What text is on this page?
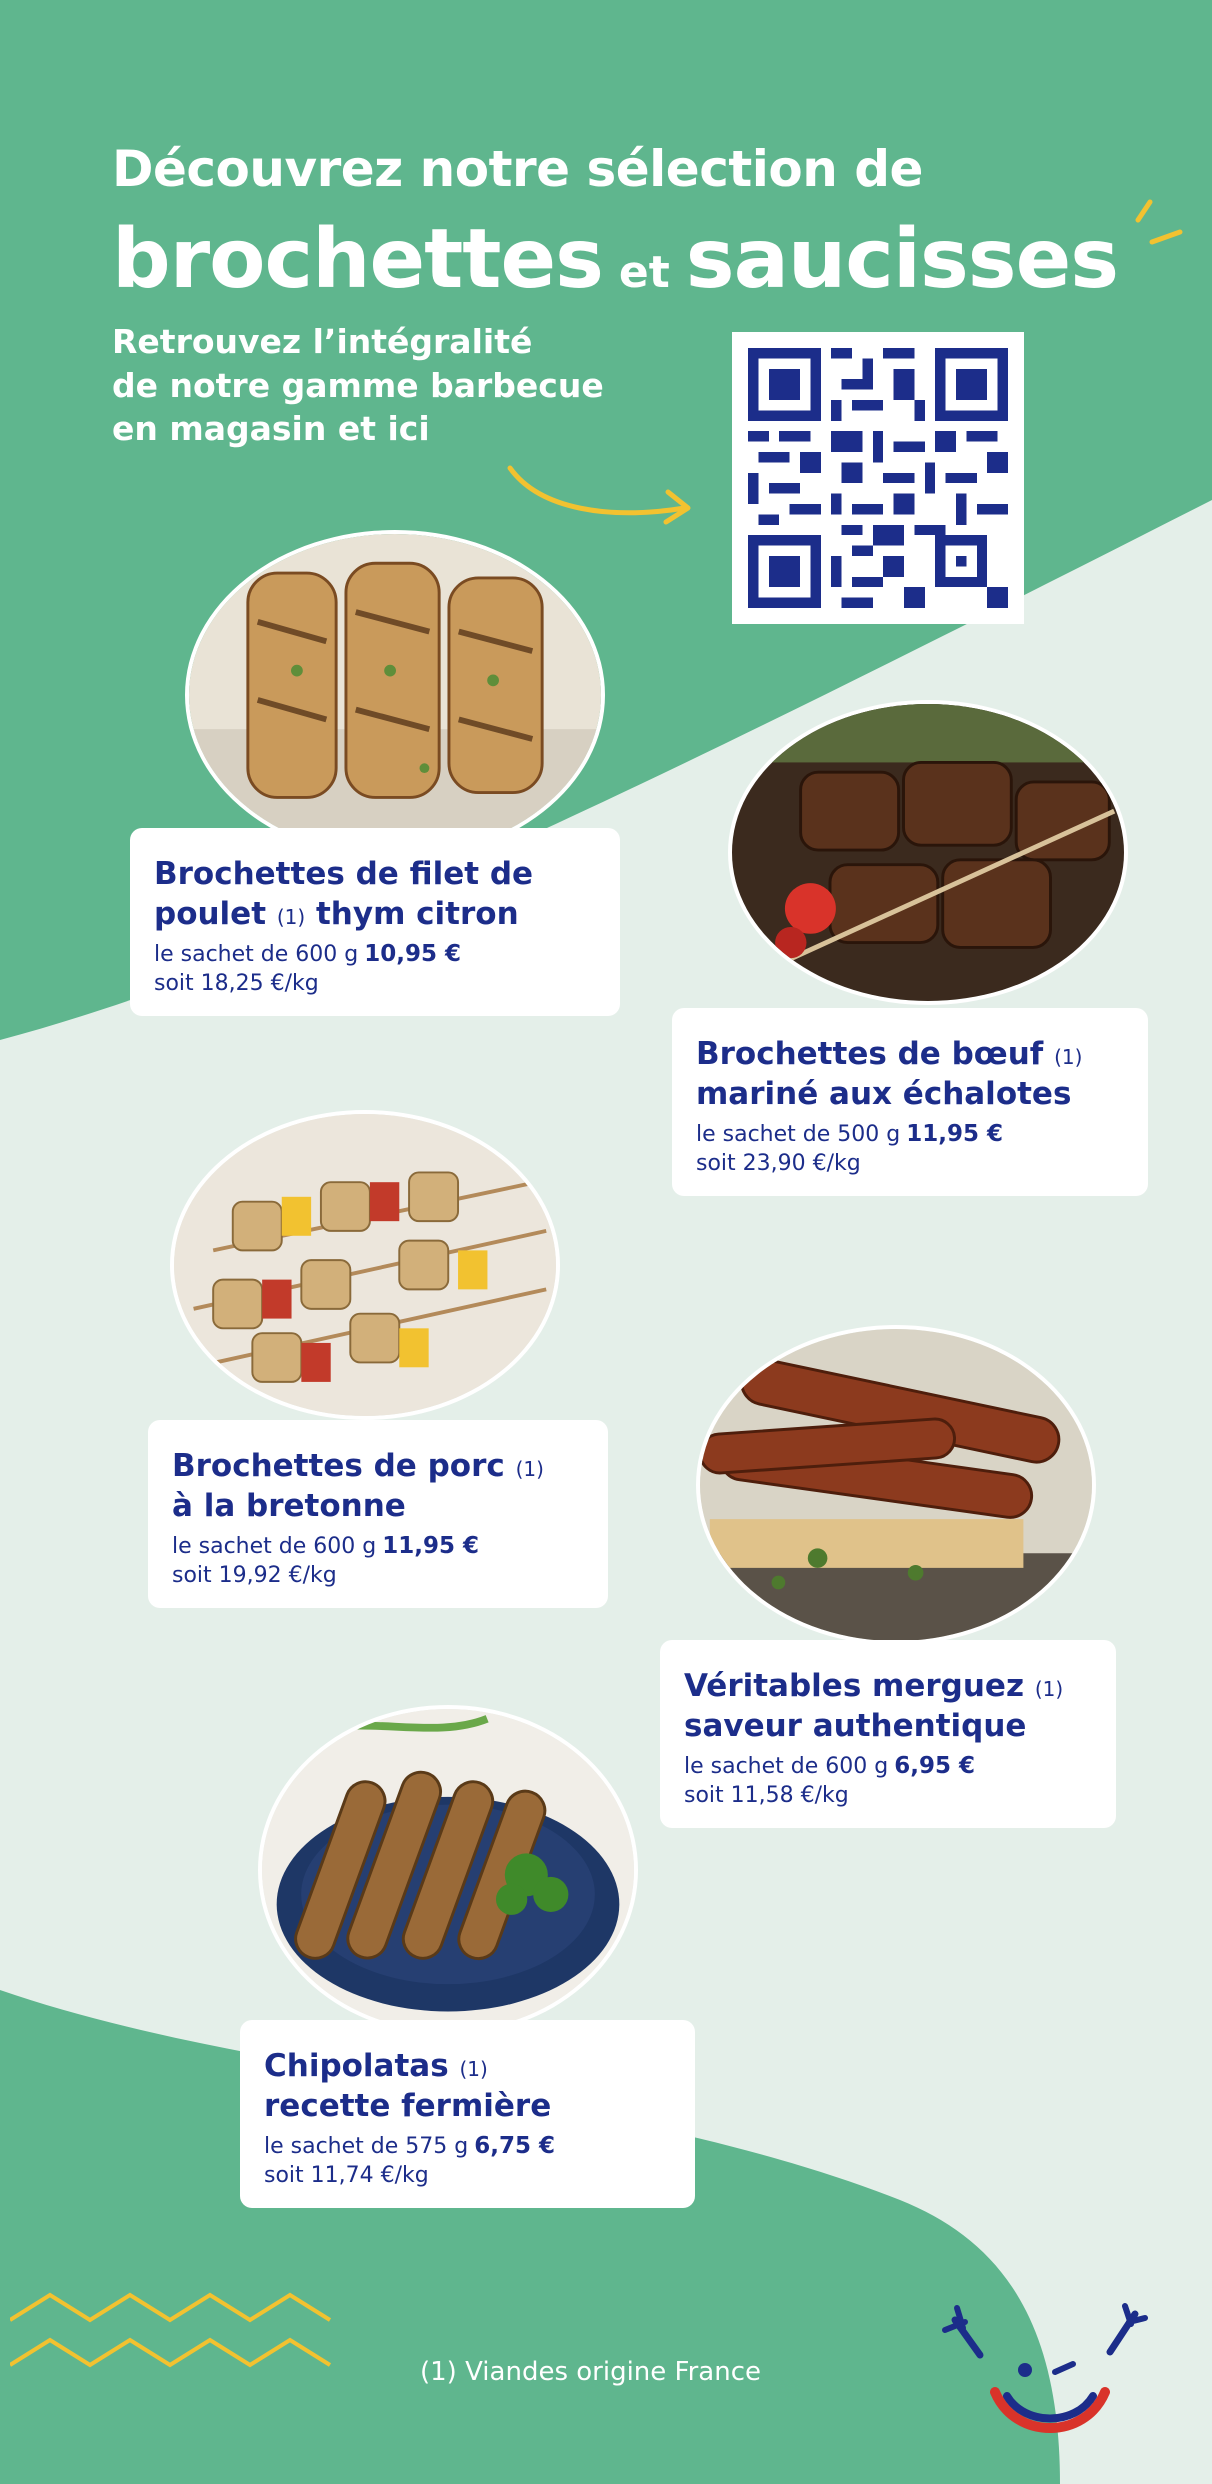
Découvrez notre sélection de
brochettes et saucisses
Retrouvez l’intégralité
de notre gamme barbecue
en magasin et ici
Brochettes de filet de
poulet (1) thym citron
le sachet de 600 g 10,95 €
soit 18,25 €/kg
Brochettes de bœuf (1)
mariné aux échalotes
le sachet de 500 g 11,95 €
soit 23,90 €/kg
Brochettes de porc (1)
à la bretonne
le sachet de 600 g 11,95 €
soit 19,92 €/kg
Véritables merguez (1)
saveur authentique
le sachet de 600 g 6,95 €
soit 11,58 €/kg
Chipolatas (1)
recette fermière
le sachet de 575 g 6,75 €
soit 11,74 €/kg
(1) Viandes origine France
